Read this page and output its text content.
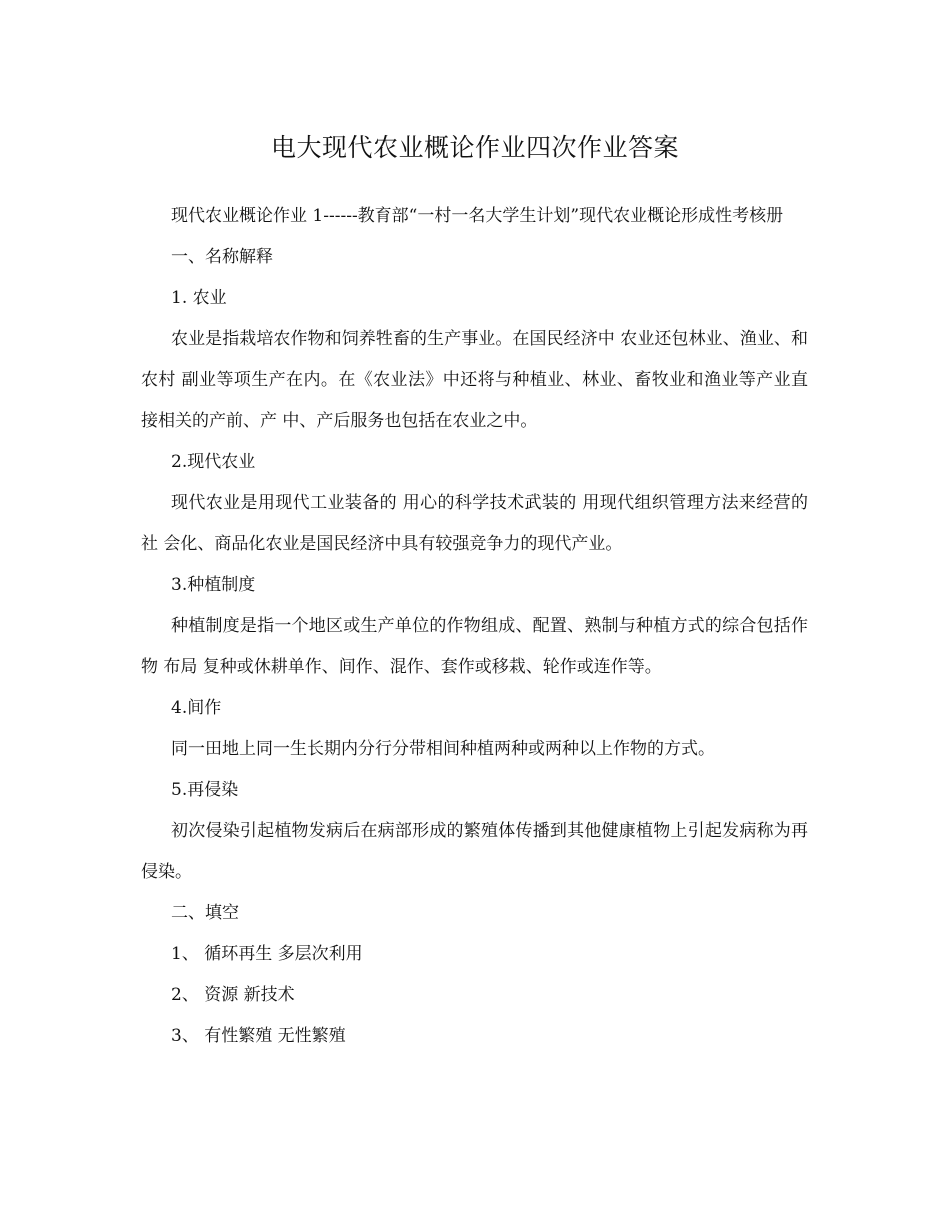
电大现代农业概论作业四次作业答案

现代农业概论作业 1------教育部“一村一名大学生计划”现代农业概论形成性考核册

一、名称解释

1. 农业

农业是指栽培农作物和饲养牲畜的生产事业。在国民经济中 农业还包林业、渔业、和农村 副业等项生产在内。在《农业法》中还将与种植业、林业、畜牧业和渔业等产业直接相关的产前、产 中、产后服务也包括在农业之中。

2.现代农业

现代农业是用现代工业装备的 用心的科学技术武装的 用现代组织管理方法来经营的社 会化、商品化农业是国民经济中具有较强竞争力的现代产业。

3.种植制度

种植制度是指一个地区或生产单位的作物组成、配置、熟制与种植方式的综合包括作物 布局 复种或休耕单作、间作、混作、套作或移栽、轮作或连作等。

4.间作

同一田地上同一生长期内分行分带相间种植两种或两种以上作物的方式。

5.再侵染

初次侵染引起植物发病后在病部形成的繁殖体传播到其他健康植物上引起发病称为再侵染。

二、填空

1、 循环再生 多层次利用

2、 资源 新技术

3、 有性繁殖 无性繁殖
